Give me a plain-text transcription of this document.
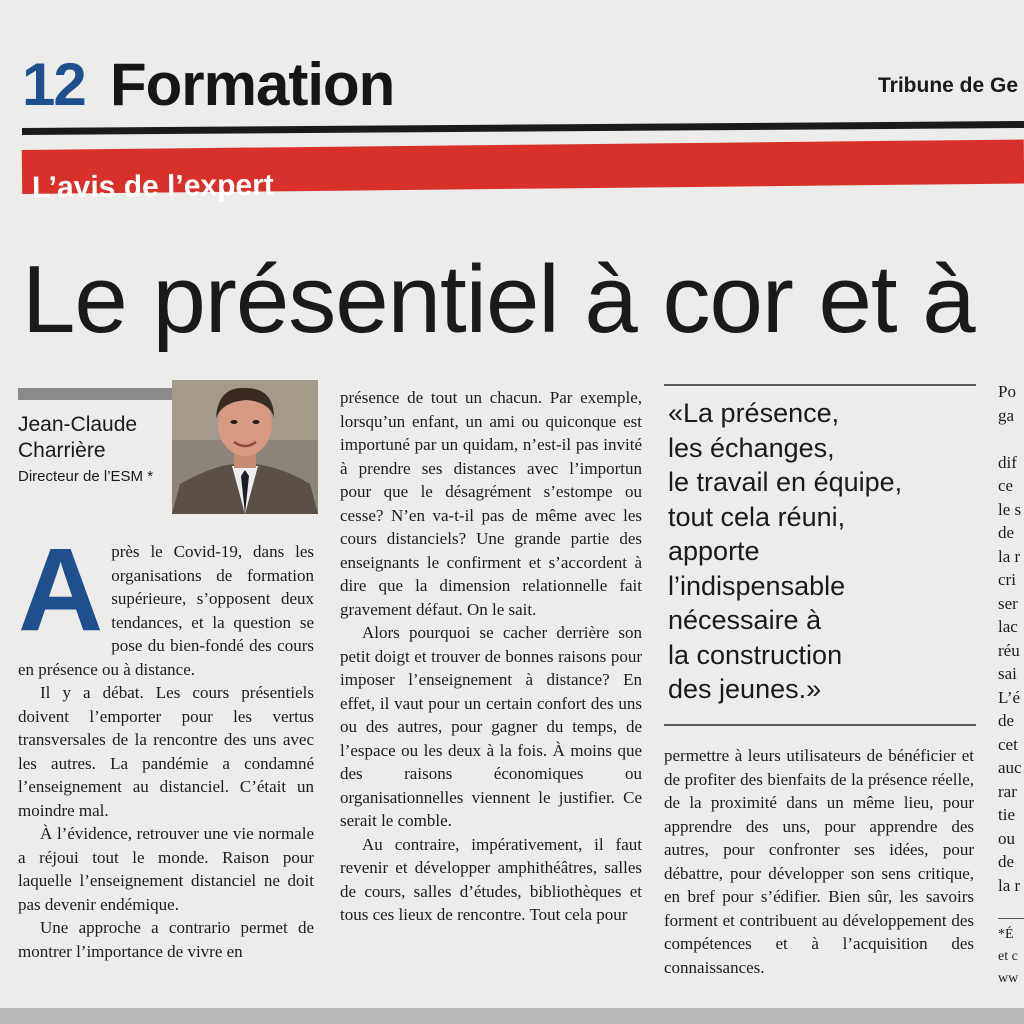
12 Formation	Tribune de Ge
L’avis de l’expert
Le présentiel à cor et à
Jean-Claude Charrière
Directeur de l’ESM *

Après le Covid-19, dans les organisations de formation supérieure, s’opposent deux tendances, et la question se pose du bien-fondé des cours en présence ou à distance.

Il y a débat. Les cours présentiels doivent l’emporter pour les vertus transversales de la rencontre des uns avec les autres. La pandémie a condamné l’enseignement au distanciel. C’était un moindre mal.

À l’évidence, retrouver une vie normale a réjoui tout le monde. Raison pour laquelle l’enseignement distanciel ne doit pas devenir endémique.

Une approche a contrario permet de montrer l’importance de vivre en

présence de tout un chacun. Par exemple, lorsqu’un enfant, un ami ou quiconque est importuné par un quidam, n’est-il pas invité à prendre ses distances avec l’importun pour que le désagrément s’estompe ou cesse? N’en va-t-il pas de même avec les cours distanciels? Une grande partie des enseignants le confirment et s’accordent à dire que la dimension relationnelle fait gravement défaut. On le sait.

Alors pourquoi se cacher derrière son petit doigt et trouver de bonnes raisons pour imposer l’enseignement à distance? En effet, il vaut pour un certain confort des uns ou des autres, pour gagner du temps, de l’espace ou les deux à la fois. À moins que des raisons économiques ou organisationnelles viennent le justifier. Ce serait le comble.

Au contraire, impérativement, il faut revenir et développer amphithéâtres, salles de cours, salles d’études, bibliothèques et tous ces lieux de rencontre. Tout cela pour

«La présence,
les échanges,
le travail en équipe,
tout cela réuni,
apporte
l’indispensable
nécessaire à
la construction
des jeunes.»

permettre à leurs utilisateurs de bénéficier et de profiter des bienfaits de la présence réelle, de la proximité dans un même lieu, pour apprendre des uns, pour apprendre des autres, pour confronter ses idées, pour débattre, pour développer son sens critique, en bref pour s’édifier. Bien sûr, les savoirs forment et contribuent au développement des compétences et à l’acquisition des connaissances.

Po
ga

dif
ce
le s
de
la r
cri
ser
lac
réu
sai
L’é
de
cet
auc
rar
tie
ou
de
la r
*É
et c
ww
